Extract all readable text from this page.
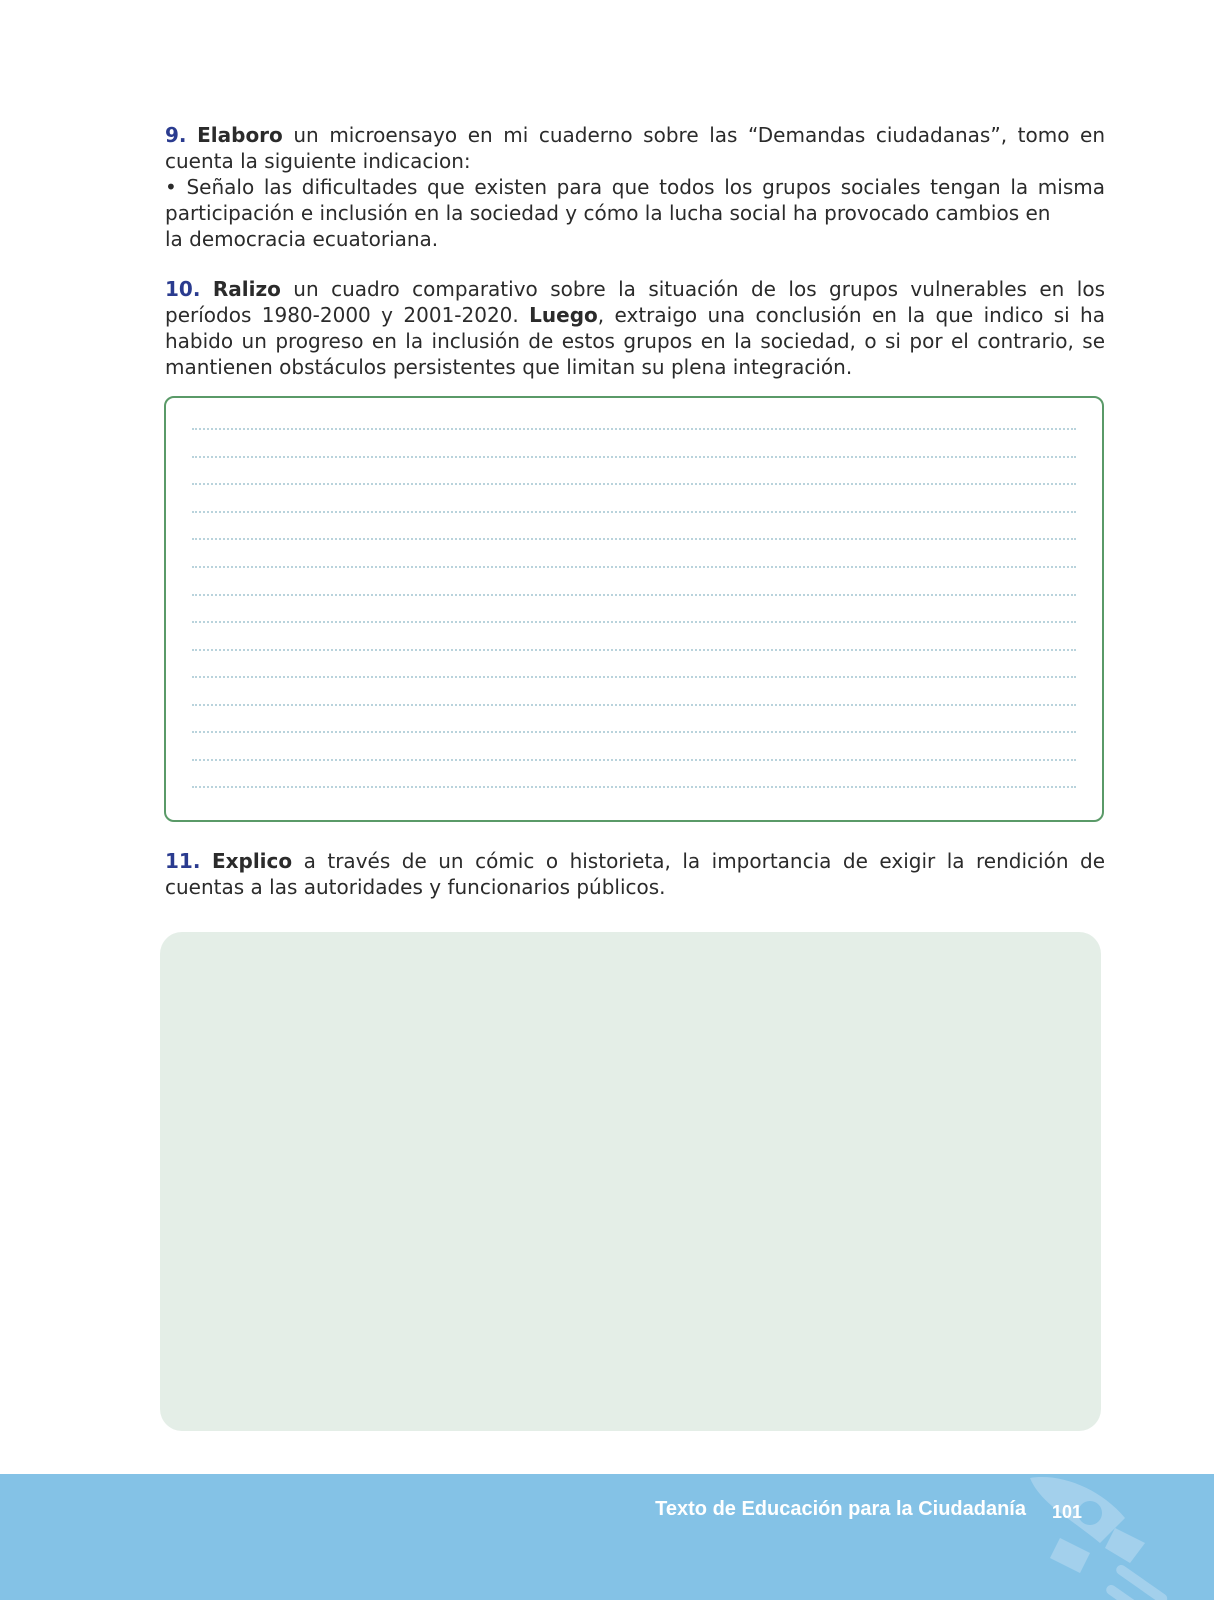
9. Elaboro un microensayo en mi cuaderno sobre las “Demandas ciudadanas”, tomo en cuenta la siguiente indicacion:
• Señalo las dificultades que existen para que todos los grupos sociales tengan la misma
participación e inclusión en la sociedad y cómo la lucha social ha provocado cambios en
la democracia ecuatoriana.

10. Ralizo un cuadro comparativo sobre la situación de los grupos vulnerables en los períodos 1980-2000 y 2001-2020. Luego, extraigo una conclusión en la que indico si ha habido un progreso en la inclusión de estos grupos en la sociedad, o si por el contrario, se mantienen obstáculos persistentes que limitan su plena integración.

11. Explico a través de un cómic o historieta, la importancia de exigir la rendición de cuentas a las autoridades y funcionarios públicos.

Texto de Educación para la Ciudadanía 101
